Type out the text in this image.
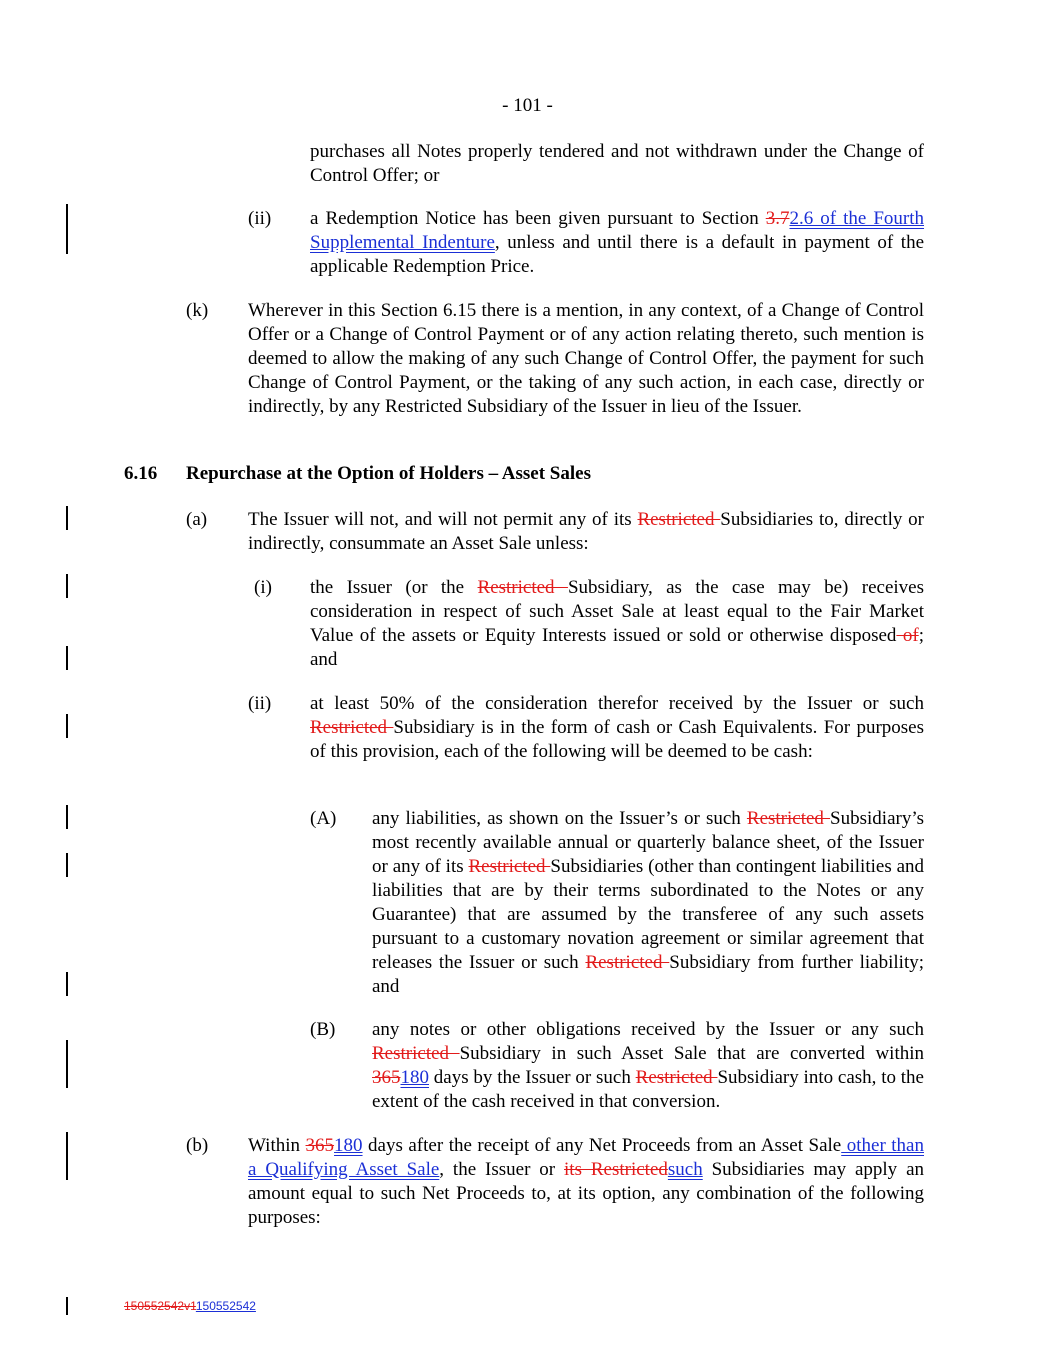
- 101 -
purchases all Notes properly tendered and not withdrawn under the Change of Control Offer; or
(ii) a Redemption Notice has been given pursuant to Section 3.72.6 of the Fourth Supplemental Indenture, unless and until there is a default in payment of the applicable Redemption Price.
(k) Wherever in this Section 6.15 there is a mention, in any context, of a Change of Control Offer or a Change of Control Payment or of any action relating thereto, such mention is deemed to allow the making of any such Change of Control Offer, the payment for such Change of Control Payment, or the taking of any such action, in each case, directly or indirectly, by any Restricted Subsidiary of the Issuer in lieu of the Issuer.
6.16 Repurchase at the Option of Holders – Asset Sales
(a) The Issuer will not, and will not permit any of its Restricted Subsidiaries to, directly or indirectly, consummate an Asset Sale unless:
(i) the Issuer (or the Restricted Subsidiary, as the case may be) receives consideration in respect of such Asset Sale at least equal to the Fair Market Value of the assets or Equity Interests issued or sold or otherwise disposed of; and
(ii) at least 50% of the consideration therefor received by the Issuer or such Restricted Subsidiary is in the form of cash or Cash Equivalents. For purposes of this provision, each of the following will be deemed to be cash:
(A) any liabilities, as shown on the Issuer’s or such Restricted Subsidiary’s most recently available annual or quarterly balance sheet, of the Issuer or any of its Restricted Subsidiaries (other than contingent liabilities and liabilities that are by their terms subordinated to the Notes or any Guarantee) that are assumed by the transferee of any such assets pursuant to a customary novation agreement or similar agreement that releases the Issuer or such Restricted Subsidiary from further liability; and
(B) any notes or other obligations received by the Issuer or any such Restricted Subsidiary in such Asset Sale that are converted within 365180 days by the Issuer or such Restricted Subsidiary into cash, to the extent of the cash received in that conversion.
(b) Within 365180 days after the receipt of any Net Proceeds from an Asset Sale other than a Qualifying Asset Sale, the Issuer or its Restrictedsuch Subsidiaries may apply an amount equal to such Net Proceeds to, at its option, any combination of the following purposes:
150552542v1150552542
